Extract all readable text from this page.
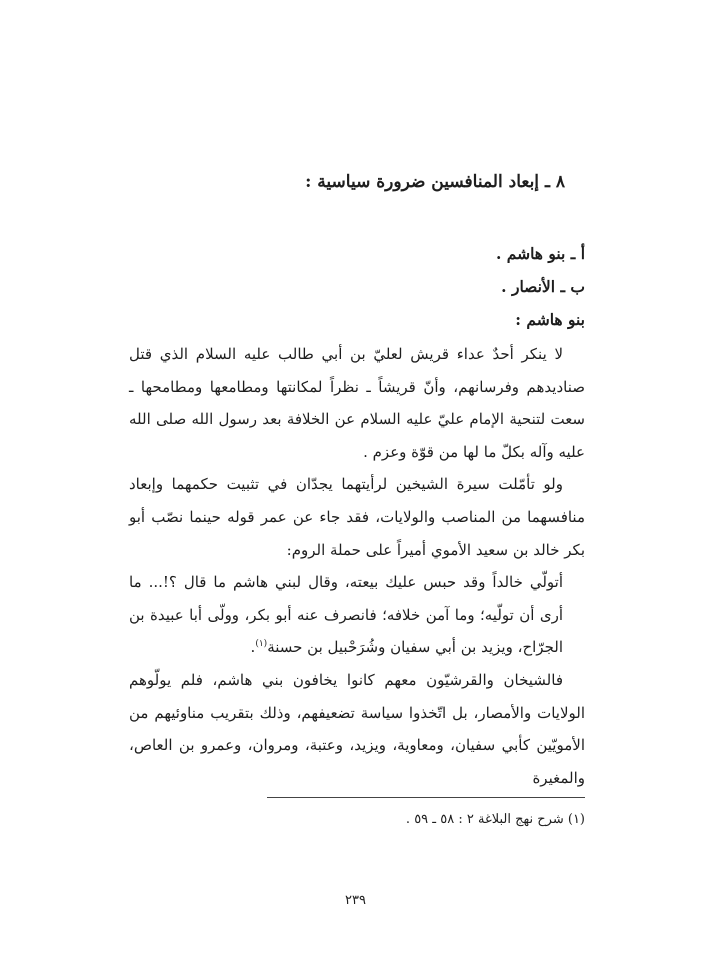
٨ ـ إبعاد المنافسين ضرورة سياسية :

أ ـ بنو هاشم .

ب ـ الأنصار .

بنو هاشم :

لا ينكر أحدٌ عداء قريش لعليّ بن أبي طالب عليه السلام الذي قتل صناديدهم وفرسانهم، وأنّ قريشاً ـ نظراً لمكانتها ومطامعها ومطامحها ـ سعت لتنحية الإمام عليّ عليه السلام عن الخلافة بعد رسول الله صلى الله عليه وآله بكلّ ما لها من قوّة وعزم .

ولو تأمّلت سيرة الشيخين لرأيتهما يجدّان في تثبيت حكمهما وإبعاد منافسهما من المناصب والولايات، فقد جاء عن عمر قوله حينما نصّب أبو بكر خالد بن سعيد الأموي أميراً على حملة الروم:

أتولّي خالداً وقد حبس عليك بيعته، وقال لبني هاشم ما قال ؟!... ما أرى أن تولّيه؛ وما آمن خلافه؛ فانصرف عنه أبو بكر، وولّى أبا عبيدة بن الجرّاح، ويزيد بن أبي سفيان وشُرَحْبيل بن حسنة$^{(١)}$.

فالشيخان والقرشيّون معهم كانوا يخافون بني هاشم، فلم يولّوهم الولايات والأمصار، بل اتّخذوا سياسة تضعيفهم، وذلك بتقريب مناوئيهم من الأمويّين كأبي سفيان، ومعاوية، ويزيد، وعتبة، ومروان، وعمرو بن العاص، والمغيرة

(١) شرح نهج البلاغة ٢ : ٥٨ ـ ٥٩ .

٢٣٩
